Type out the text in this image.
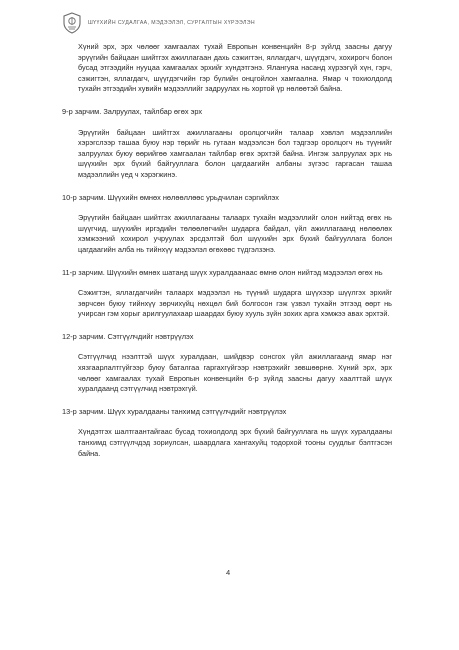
ШҮҮХИЙН СУДАЛГАА, МЭДЭЭЛЭЛ, СУРГАЛТЫН ХҮРЭЭЛЭН

Хүний эрх, эрх чөлөөг хамгаалах тухай Европын конвенцийн 8-р зүйлд заасны дагуу эрүүгийн байцаан шийтгэх ажиллагаан дахь сэжигтэн, яллагдагч, шүүгдэгч, хохирогч болон бусад этгээдийн нууцаа хамгаалах эрхийг хүндэтгэнэ. Ялангуяа насанд хүрээгүй хүн, гэрч, сэжигтэн, яллагдагч, шүүгдэгчийн гэр бүлийн онцгойлон хамгаална. Ямар ч тохиолдолд тухайн этгээдийн хувийн мэдээллийг задруулах нь хортой үр нөлөөтэй байна.

9-р зарчим. Залруулах, тайлбар өгөх эрх

Эрүүгийн байцаан шийтгэх ажиллагааны оролцогчийн талаар хэвлэл мэдээллийн хэрэгслээр ташаа буюу нэр төрийг нь гутаан мэдээлсэн бол тэдгээр оролцогч нь түүнийг залруулах буюу өөрийгөө хамгаалан тайлбар өгөх эрхтэй байна. Ингэж залруулах эрх нь шүүхийн эрх бүхий байгууллага болон цагдаагийн албаны зүгээс гаргасан ташаа мэдээллийн үед ч хэрэгжинэ.

10-р зарчим. Шүүхийн өмнөх нөлөөллөөс урьдчилан сэргийлэх

Эрүүгийн байцаан шийтгэх ажиллагааны талаарх тухайн мэдээллийг олон нийтэд өгөх нь шүүгчид, шүүхийн иргэдийн төлөөлөгчийн шударга байдал, үйл ажиллагаанд нөлөөлөх хэмжээний хохирол учруулах эрсдэлтэй бол шүүхийн эрх бүхий байгууллага болон цагдаагийн алба нь тийнхүү мэдээлэл өгөхөөс түдгэлзэнэ.

11-р зарчим. Шүүхийн өмнөх шатанд шүүх хуралдаанаас өмнө олон нийтэд мэдээлэл өгөх нь

Сэжигтэн, яллагдагчийн талаарх мэдээлэл нь түүний шударга шүүхээр шүүлгэх эрхийг зөрчсөн буюу тийнхүү зөрчихүйц нөхцөл бий болгосон гэж үзвэл тухайн этгээд өөрт нь учирсан гэм хорыг арилгуулахаар шаардах буюу хууль зүйн зохих арга хэмжээ авах эрхтэй.

12-р зарчим. Сэтгүүлчдийг нэвтрүүлэх

Сэтгүүлчид нээлттэй шүүх хуралдаан, шийдвэр сонсгох үйл ажиллагаанд ямар нэг хязгаарлалтгүйгээр буюу баталгаа гаргахгүйгээр нэвтрэхийг зөвшөөрнө. Хүний эрх, эрх чөлөөг хамгаалах тухай Европын конвенцийн 6-р зүйлд заасны дагуу хаалттай шүүх хуралдаанд сэтгүүлчид нэвтрэхгүй.

13-р зарчим. Шүүх хуралдааны танхимд сэтгүүлчдийг нэвтрүүлэх

Хүндэтгэх шалтгаантайгаас бусад тохиолдолд эрх бүхий байгууллага нь шүүх хуралдааны танхимд сэтгүүлчдэд зориулсан, шаардлага хангахуйц тодорхой тооны суудлыг бэлтгэсэн байна.

4
